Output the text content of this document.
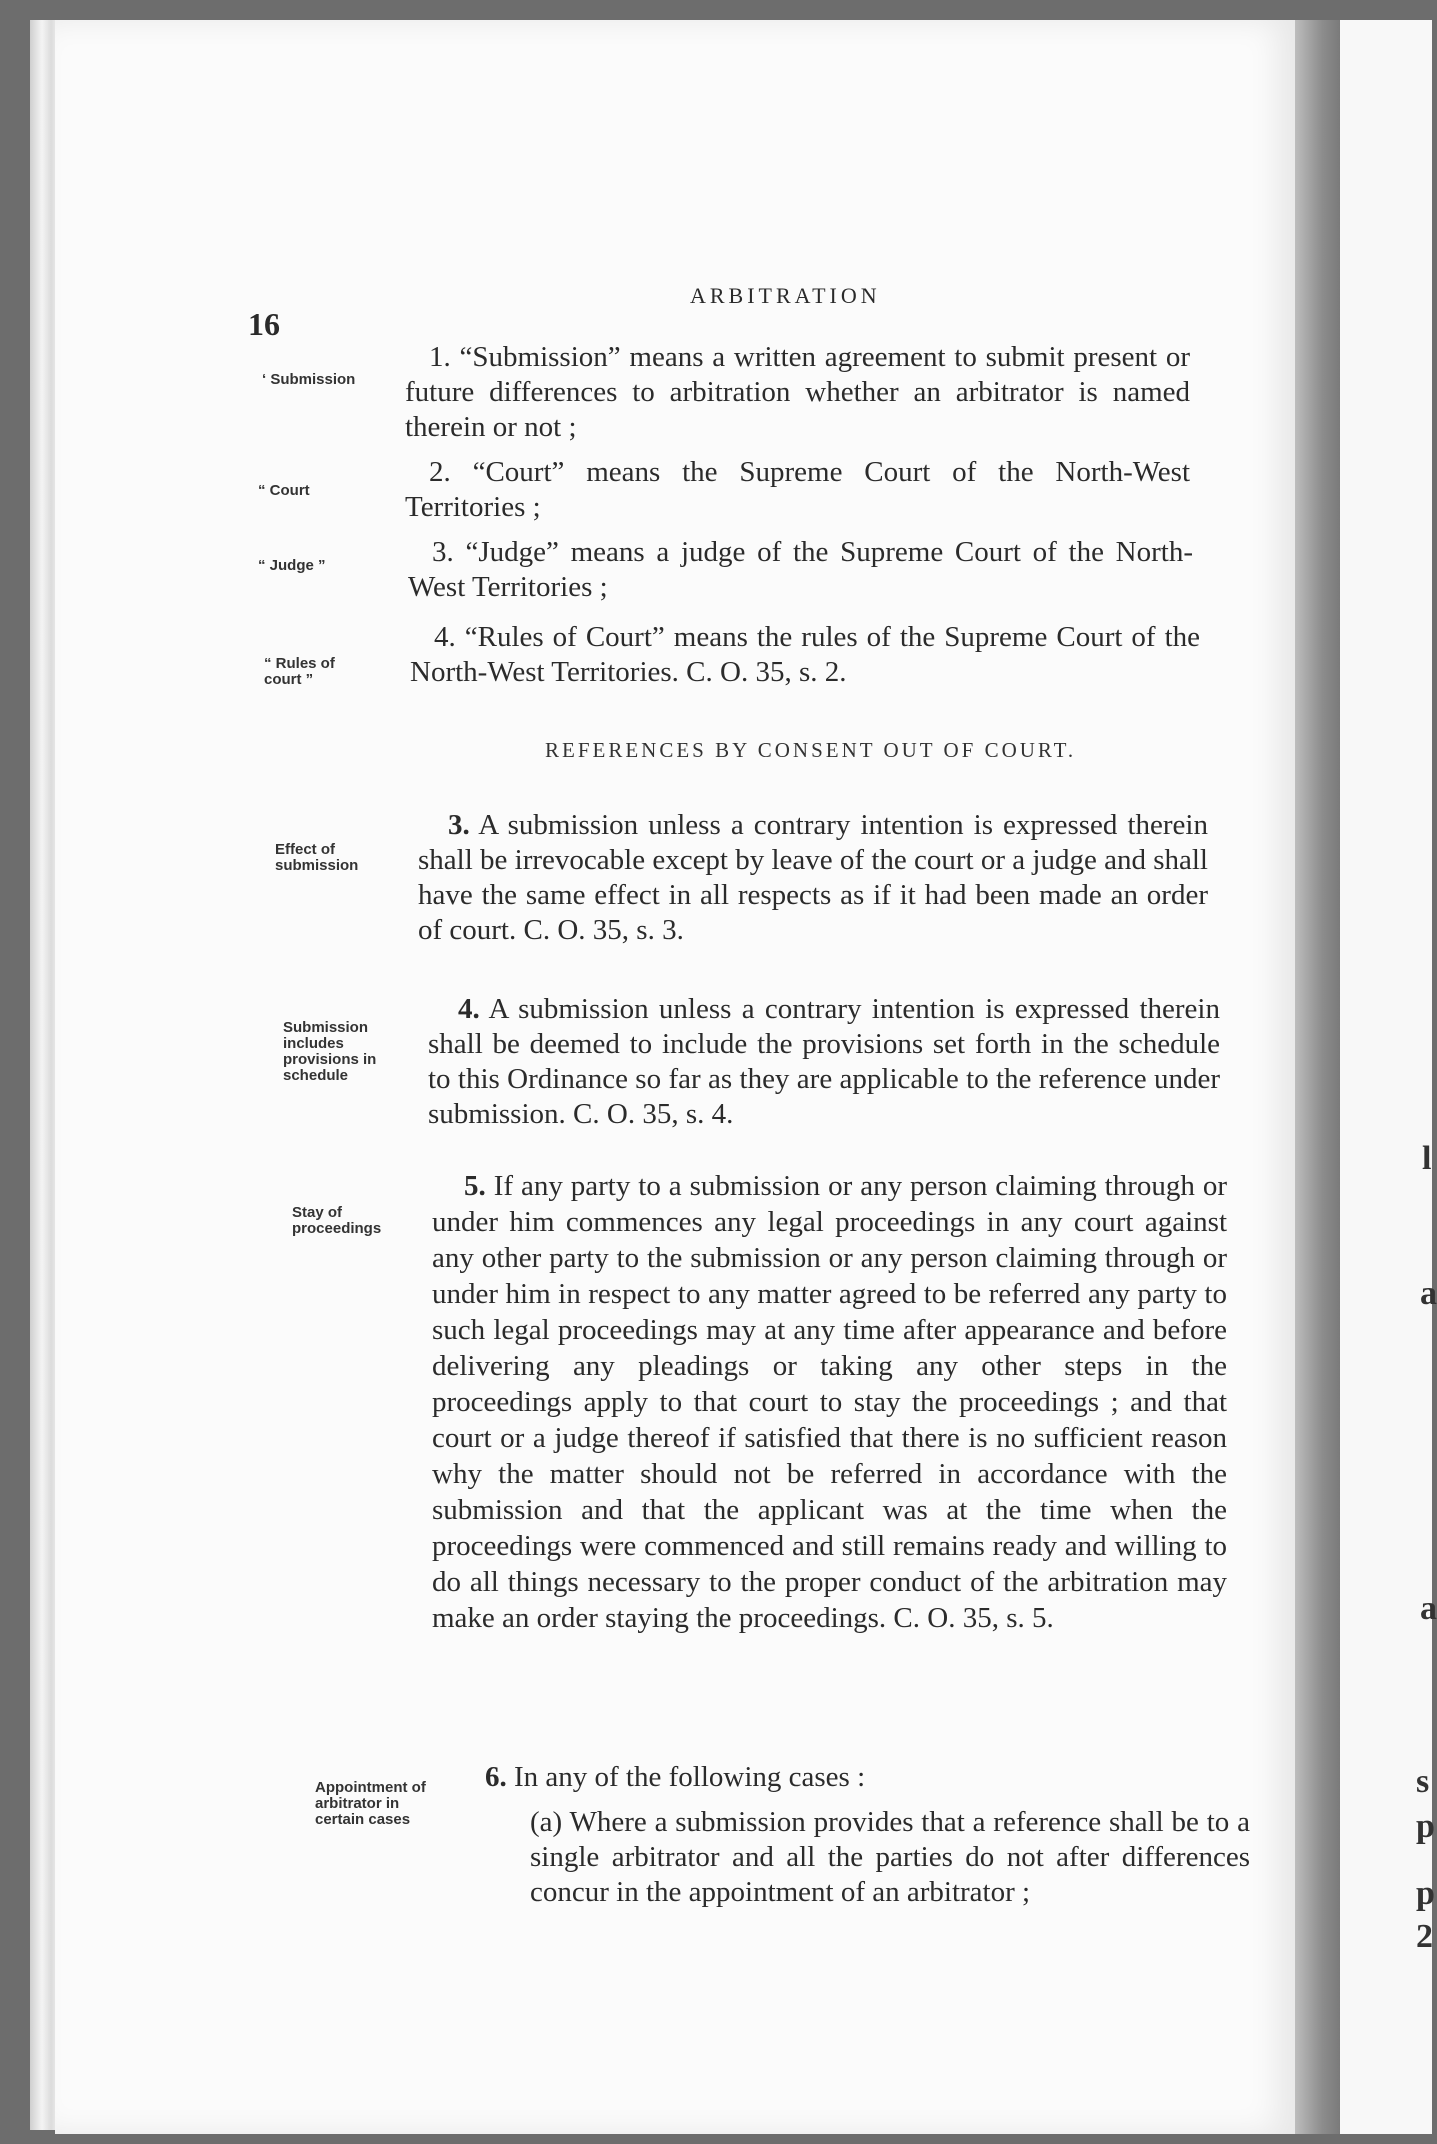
l
a
a
s
p
p
2
16
ARBITRATION
‘ Submission
“ Court
“ Judge ”
“ Rules of court ”
Effect of submission
Submission includes provisions in schedule
Stay of proceedings
Appointment of arbitrator in certain cases
1. “Submission” means a written agreement to submit present or future differences to arbitration whether an arbitrator is named therein or not ;
2. “Court” means the Supreme Court of the North-West Territories ;
3. “Judge” means a judge of the Supreme Court of the North-West Territories ;
4. “Rules of Court” means the rules of the Supreme Court of the North-West Territories. C. O. 35, s. 2.
REFERENCES BY CONSENT OUT OF COURT.
3. A submission unless a contrary intention is expressed therein shall be irrevocable except by leave of the court or a judge and shall have the same effect in all respects as if it had been made an order of court. C. O. 35, s. 3.
4. A submission unless a contrary intention is expressed therein shall be deemed to include the provisions set forth in the schedule to this Ordinance so far as they are applicable to the reference under submission. C. O. 35, s. 4.
5. If any party to a submission or any person claiming through or under him commences any legal proceedings in any court against any other party to the submission or any person claiming through or under him in respect to any matter agreed to be referred any party to such legal proceedings may at any time after appearance and before delivering any pleadings or taking any other steps in the proceedings apply to that court to stay the proceedings ; and that court or a judge thereof if satisfied that there is no sufficient reason why the matter should not be referred in accordance with the submission and that the applicant was at the time when the proceedings were commenced and still remains ready and willing to do all things necessary to the proper conduct of the arbitration may make an order staying the proceedings. C. O. 35, s. 5.
6. In any of the following cases :
(a) Where a submission provides that a reference shall be to a single arbitrator and all the parties do not after differences concur in the appointment of an arbitrator ;
